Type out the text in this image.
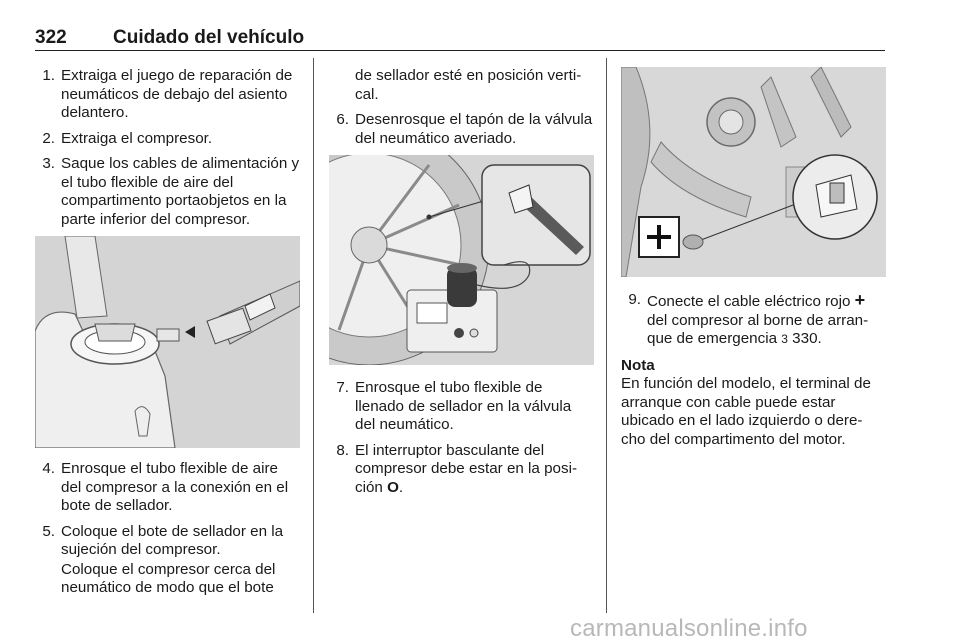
322 Cuidado del vehículo
1. Extraiga el juego de reparación de neumáticos de debajo del asiento delantero.
2. Extraiga el compresor.
3. Saque los cables de alimentación y el tubo flexible de aire del compartimento portaobjetos en la parte inferior del compresor.
4. Enrosque el tubo flexible de aire del compresor a la conexión en el bote de sellador.
5. Coloque el bote de sellador en la sujeción del compresor.
Coloque el compresor cerca del neumático de modo que el bote
de sellador esté en posición verti-cal.
6. Desenrosque el tapón de la válvula del neumático averiado.
7. Enrosque el tubo flexible de llenado de sellador en la válvula del neumático.
8. El interruptor basculante del compresor debe estar en la posi-ción O.
9. Conecte el cable eléctrico rojo + del compresor al borne de arran-que de emergencia 3 330.
Nota
En función del modelo, el terminal de arranque con cable puede estar ubicado en el lado izquierdo o dere-cho del compartimento del motor.
carmanualsonline.info
